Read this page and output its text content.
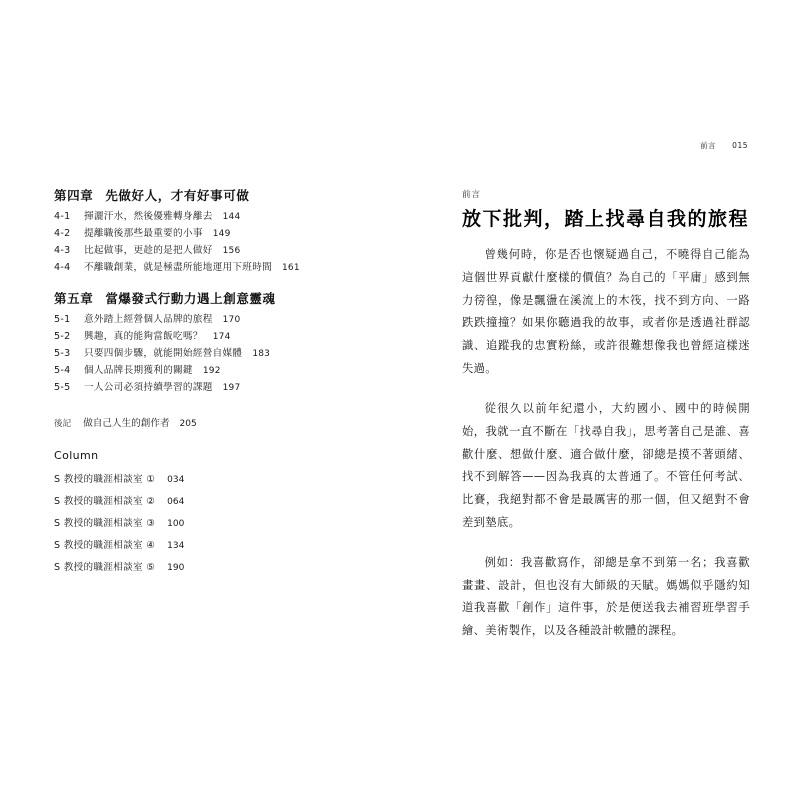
第四章 先做好人，才有好事可做
4-1	揮灑汗水，然後優雅轉身離去 144
4-2	提離職後那些最重要的小事 149
4-3	比起做事，更趁的是把人做好 156
4-4	不離職創業，就是極盡所能地運用下班時間 161
第五章 當爆發式行動力遇上創意靈魂
5-1	意外踏上經營個人品牌的旅程 170
5-2	興趣，真的能夠當飯吃嗎？ 174
5-3	只要四個步驟，就能開始經營自媒體 183
5-4	個人品牌長期獲利的關鍵 192
5-5	一人公司必須持續學習的課題 197
後記 做自己人生的創作者 205
Column
S 教授的職涯相談室 ① 034
S 教授的職涯相談室 ② 064
S 教授的職涯相談室 ③ 100
S 教授的職涯相談室 ④ 134
S 教授的職涯相談室 ⑤ 190
前言 015
前言
放下批判，踏上找尋自我的旅程

曾幾何時，你是否也懷疑過自己，不曉得自己能為這個世界貢獻什麼樣的價值？為自己的「平庸」感到無力徬徨，像是飄盪在溪流上的木筏，找不到方向、一路跌跌撞撞？如果你聽過我的故事，或者你是透過社群認識、追蹤我的忠實粉絲，或許很難想像我也曾經這樣迷失過。

從很久以前年紀還小，大約國小、國中的時候開始，我就一直不斷在「找尋自我」，思考著自己是誰、喜歡什麼、想做什麼、適合做什麼，卻總是摸不著頭緒、找不到解答——因為我真的太普通了。不管任何考試、比賽，我絕對都不會是最厲害的那一個，但又絕對不會差到墊底。

例如：我喜歡寫作，卻總是拿不到第一名；我喜歡畫畫、設計，但也沒有大師級的天賦。媽媽似乎隱約知道我喜歡「創作」這件事，於是便送我去補習班學習手繪、美術製作，以及各種設計軟體的課程。
